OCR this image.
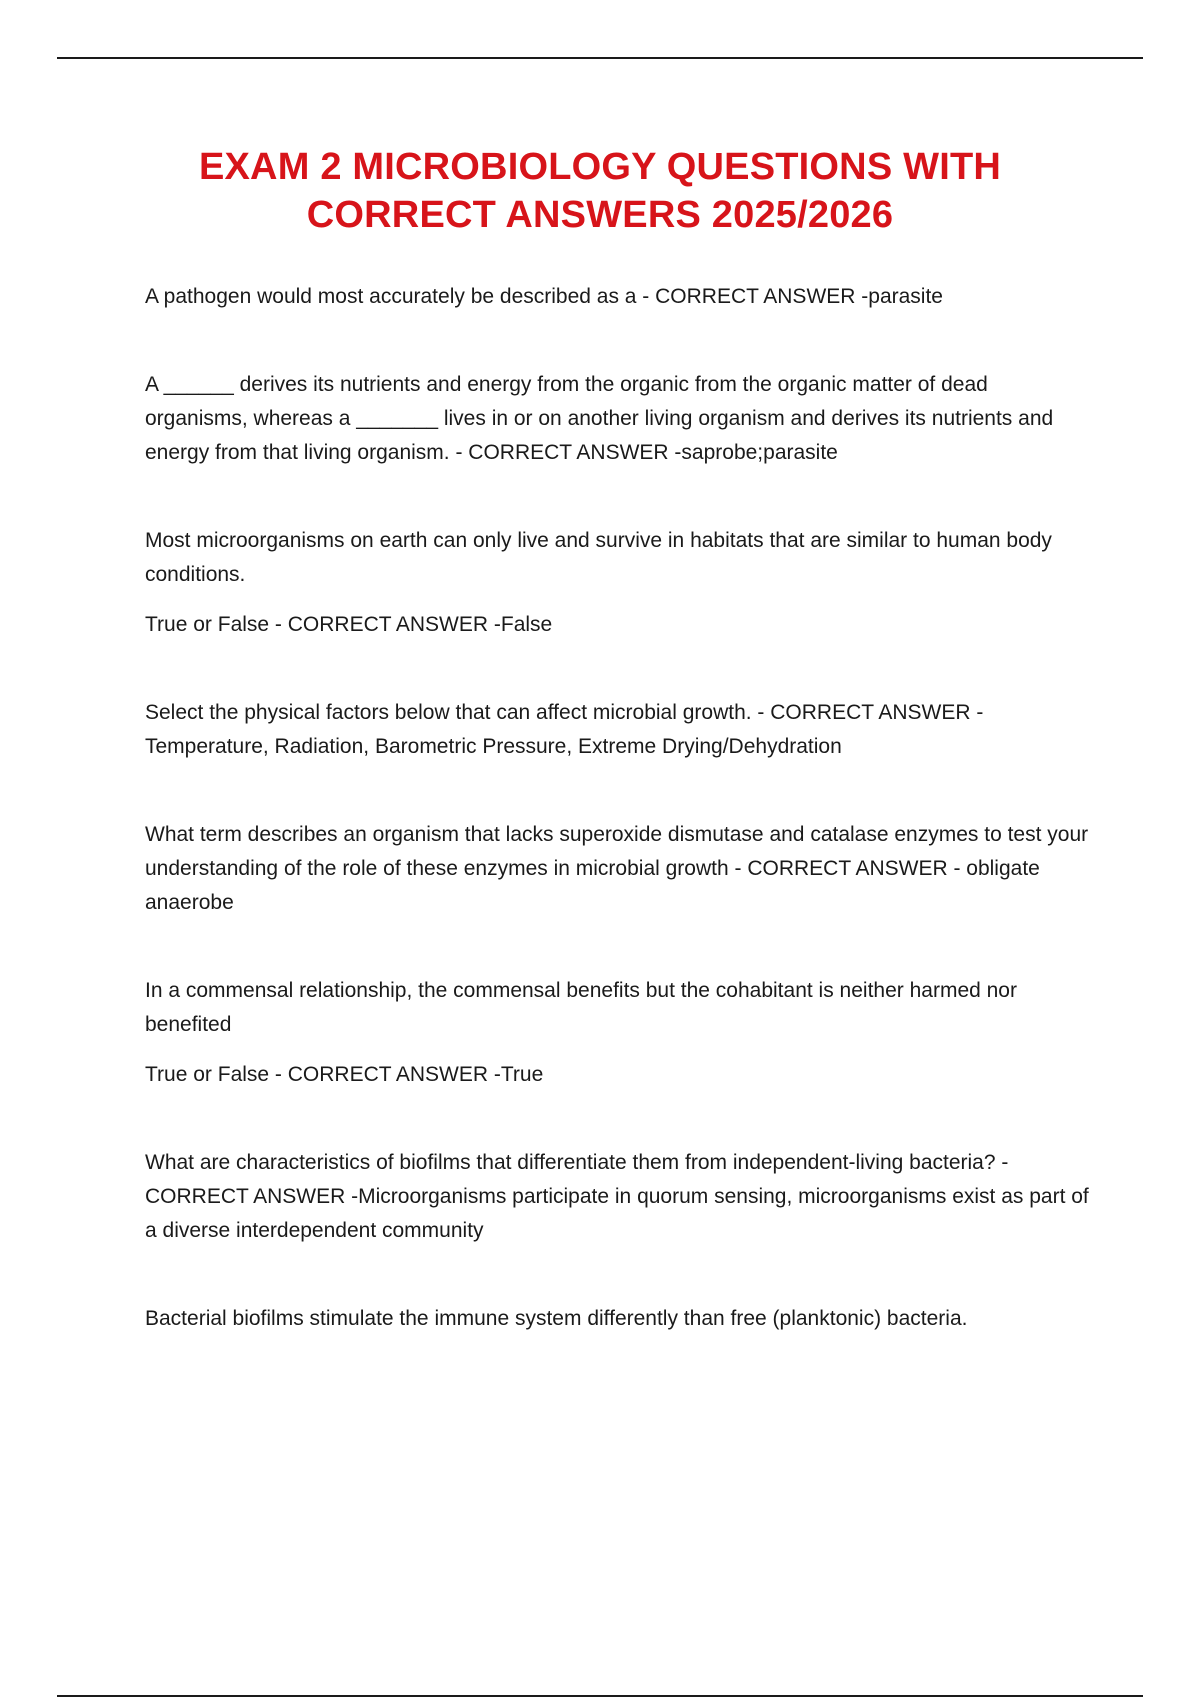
EXAM 2 MICROBIOLOGY QUESTIONS WITH
CORRECT ANSWERS 2025/2026

A pathogen would most accurately be described as a - CORRECT ANSWER -parasite

A ______ derives its nutrients and energy from the organic from the organic matter of dead organisms, whereas a _______ lives in or on another living organism and derives its nutrients and energy from that living organism. - CORRECT ANSWER -saprobe;parasite

Most microorganisms on earth can only live and survive in habitats that are similar to human body conditions.

True or False - CORRECT ANSWER -False

Select the physical factors below that can affect microbial growth. - CORRECT ANSWER - Temperature, Radiation, Barometric Pressure, Extreme Drying/Dehydration

What term describes an organism that lacks superoxide dismutase and catalase enzymes to test your understanding of the role of these enzymes in microbial growth - CORRECT ANSWER - obligate anaerobe

In a commensal relationship, the commensal benefits but the cohabitant is neither harmed nor benefited

True or False - CORRECT ANSWER -True

What are characteristics of biofilms that differentiate them from independent-living bacteria? - CORRECT ANSWER -Microorganisms participate in quorum sensing, microorganisms exist as part of a diverse interdependent community

Bacterial biofilms stimulate the immune system differently than free (planktonic) bacteria.
